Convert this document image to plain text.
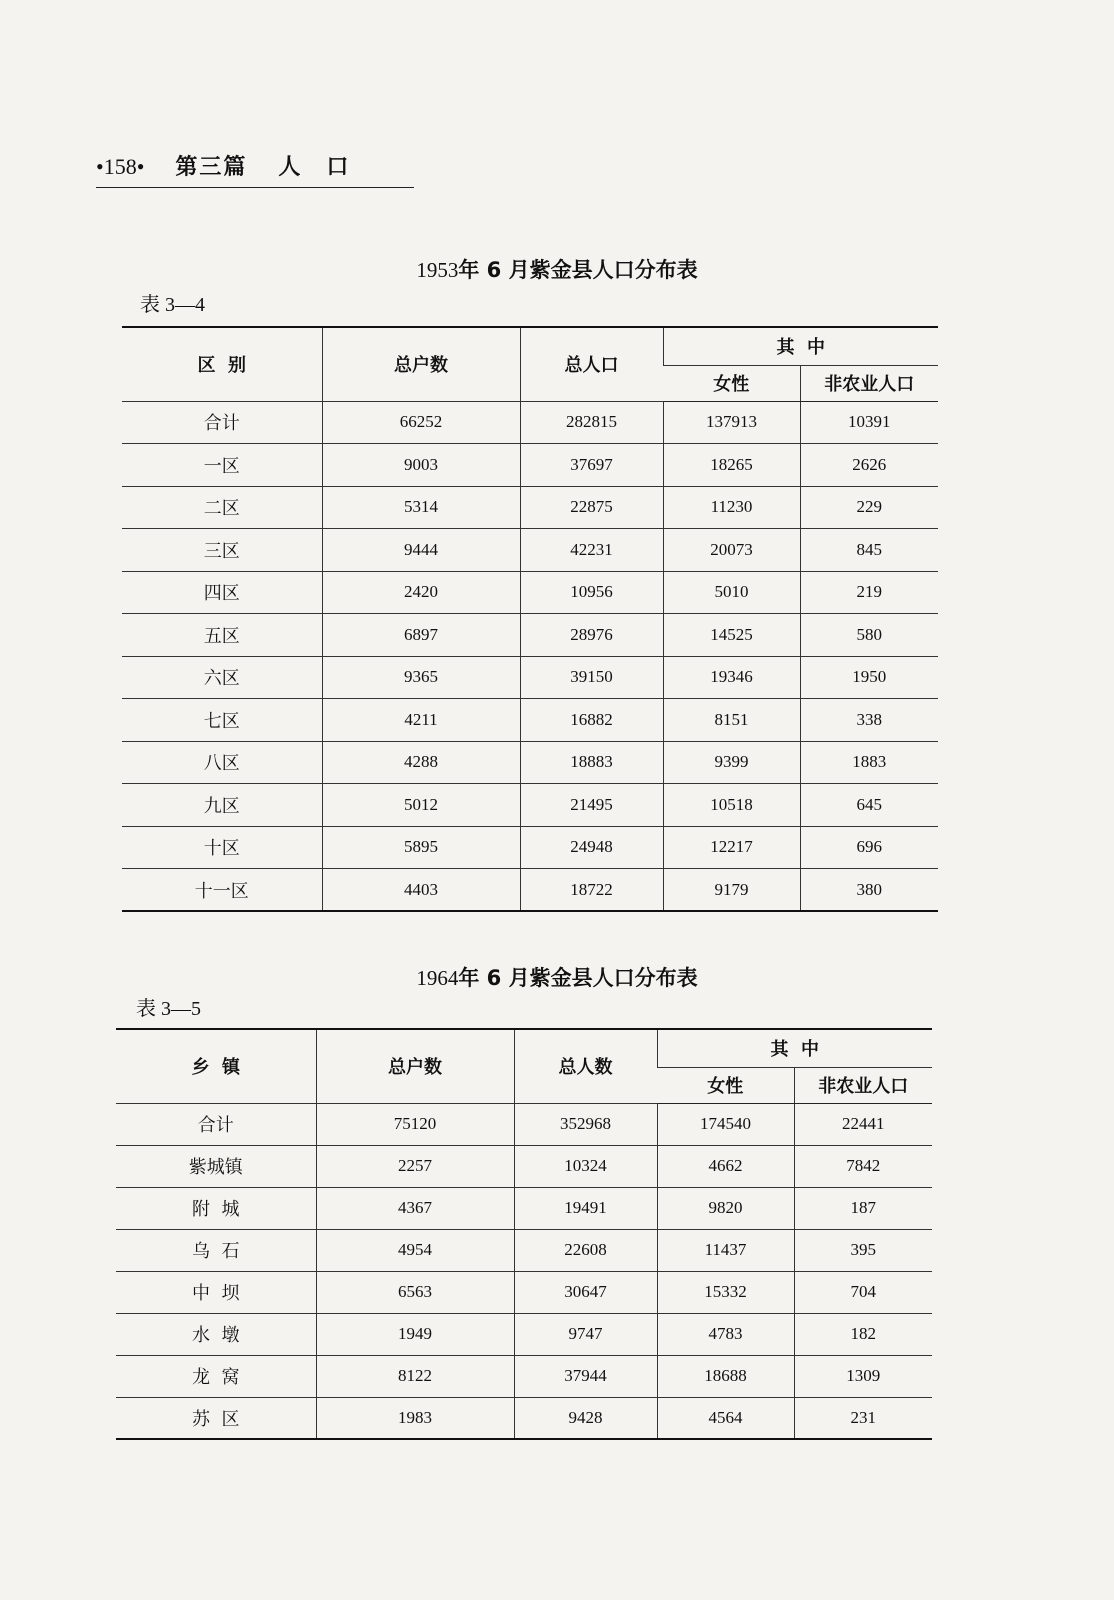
•158• 第三篇 人口
1953年 6 月紫金县人口分布表
表 3—4
区  别	总户数	总人口	其  中	
			女性	非农业人口
合计	66252	282815	137913	10391
一区	9003	37697	18265	2626
二区	5314	22875	11230	229
三区	9444	42231	20073	845
四区	2420	10956	5010	219
五区	6897	28976	14525	580
六区	9365	39150	19346	1950
七区	4211	16882	8151	338
八区	4288	18883	9399	1883
九区	5012	21495	10518	645
十区	5895	24948	12217	696
十一区	4403	18722	9179	380
1964年 6 月紫金县人口分布表
表 3—5
乡  镇	总户数	总人数	其  中	
			女性	非农业人口
合计	75120	352968	174540	22441
紫城镇	2257	10324	4662	7842
附  城	4367	19491	9820	187
乌  石	4954	22608	11437	395
中  坝	6563	30647	15332	704
水  墩	1949	9747	4783	182
龙  窝	8122	37944	18688	1309
苏  区	1983	9428	4564	231
